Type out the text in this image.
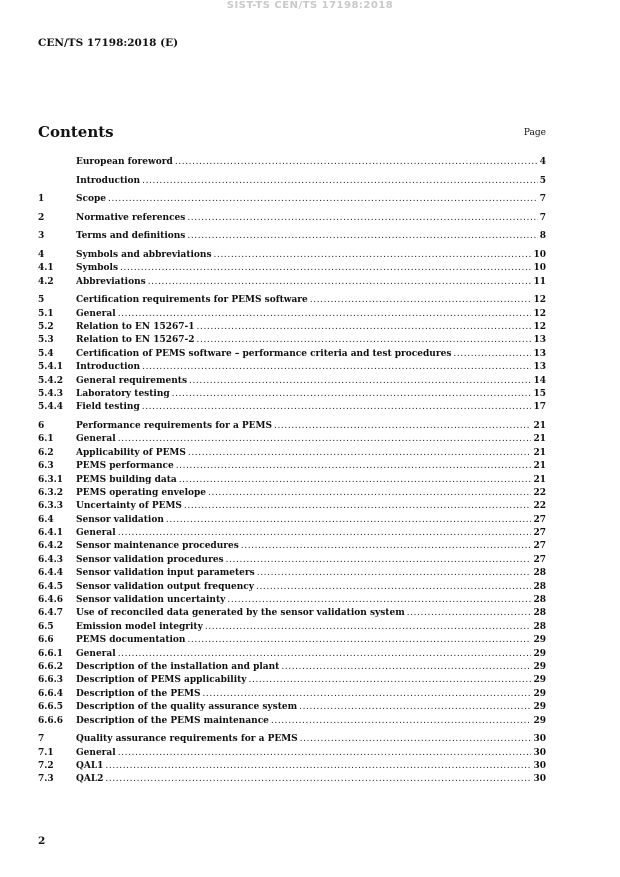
SIST-TS CEN/TS 17198:2018
CEN/TS 17198:2018 (E)
Contents	Page
European foreword .....	4
Introduction .....	5
1	Scope .....	7
2	Normative references .....	7
3	Terms and definitions .....	8
4	Symbols and abbreviations .....	10
4.1	Symbols .....	10
4.2	Abbreviations .....	11
5	Certification requirements for PEMS software .....	12
5.1	General .....	12
5.2	Relation to EN 15267-1 .....	12
5.3	Relation to EN 15267-2 .....	13
5.4	Certification of PEMS software – performance criteria and test procedures .....	13
5.4.1	Introduction .....	13
5.4.2	General requirements .....	14
5.4.3	Laboratory testing .....	15
5.4.4	Field testing .....	17
6	Performance requirements for a PEMS .....	21
6.1	General .....	21
6.2	Applicability of PEMS .....	21
6.3	PEMS performance .....	21
6.3.1	PEMS building data .....	21
6.3.2	PEMS operating envelope .....	22
6.3.3	Uncertainty of PEMS .....	22
6.4	Sensor validation .....	27
6.4.1	General .....	27
6.4.2	Sensor maintenance procedures .....	27
6.4.3	Sensor validation procedures .....	27
6.4.4	Sensor validation input parameters .....	28
6.4.5	Sensor validation output frequency .....	28
6.4.6	Sensor validation uncertainty .....	28
6.4.7	Use of reconciled data generated by the sensor validation system .....	28
6.5	Emission model integrity .....	28
6.6	PEMS documentation .....	29
6.6.1	General .....	29
6.6.2	Description of the installation and plant .....	29
6.6.3	Description of PEMS applicability .....	29
6.6.4	Description of the PEMS .....	29
6.6.5	Description of the quality assurance system .....	29
6.6.6	Description of the PEMS maintenance .....	29
7	Quality assurance requirements for a PEMS .....	30
7.1	General .....	30
7.2	QAL1 .....	30
7.3	QAL2 .....	30
2
